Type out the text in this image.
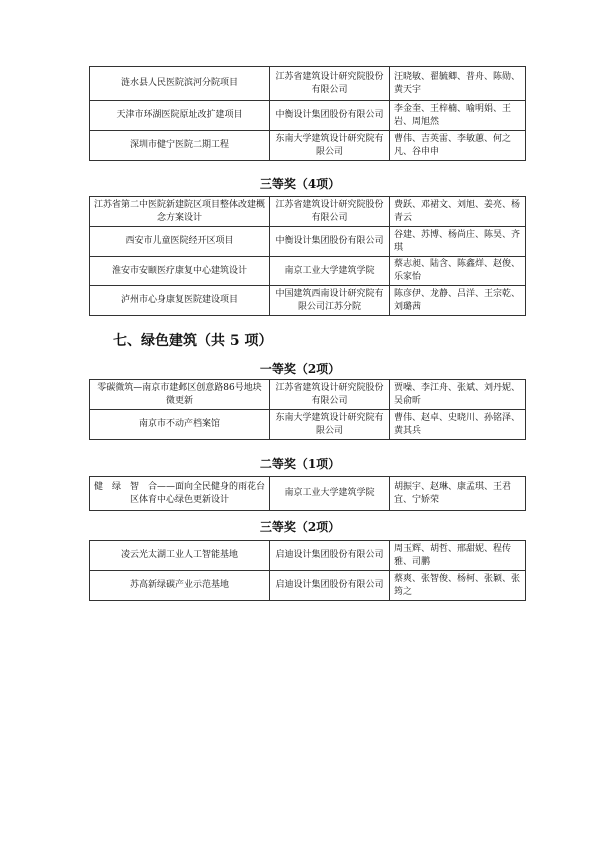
涟水县人民医院滨河分院项目	江苏省建筑设计研究院股份有限公司	汪晓敏、翟毓卿、普舟、陈勋、黄天宇
天津市环湖医院原址改扩建项目	中衡设计集团股份有限公司	李金奎、王梓楠、喻明娟、王岩、周旭然
深圳市健宁医院二期工程	东南大学建筑设计研究院有限公司	曹伟、吉英雷、李敏蕙、何之凡、谷申申
三等奖（4项）
江苏省第二中医院新建院区项目整体改建概念方案设计	江苏省建筑设计研究院股份有限公司	费跃、邓裙文、刘旭、姜亮、杨青云
西安市儿童医院经开区项目	中衡设计集团股份有限公司	谷建、苏博、杨尚庄、陈昊、齐琪
淮安市安颐医疗康复中心建筑设计	南京工业大学建筑学院	蔡志昶、陆含、陈鑫烊、赵俊、乐家怡
泸州市心身康复医院建设项目	中国建筑西南设计研究院有限公司江苏分院	陈彦伊、龙静、吕洋、王宗乾、刘璐茜
七、绿色建筑（共 5 项）
一等奖（2项）
零碳微筑—南京市建邺区创意路86号地块微更新	江苏省建筑设计研究院股份有限公司	贾噪、李江舟、张斌、刘丹妮、吴俞昕
南京市不动产档案馆	东南大学建筑设计研究院有限公司	曹伟、赵卓、史晓川、孙铭泽、黄其兵
二等奖（1项）
健　绿　智　合——面向全民健身的雨花台区体育中心绿色更新设计	南京工业大学建筑学院	胡振宇、赵琳、康孟琪、王君宜、宁娇荣
三等奖（2项）
凌云光太湖工业人工智能基地	启迪设计集团股份有限公司	周玉辉、胡哲、邢甜妮、程传雅、司鹏
苏高新绿碳产业示范基地	启迪设计集团股份有限公司	蔡爽、张智俊、杨柯、张颖、张筠之
